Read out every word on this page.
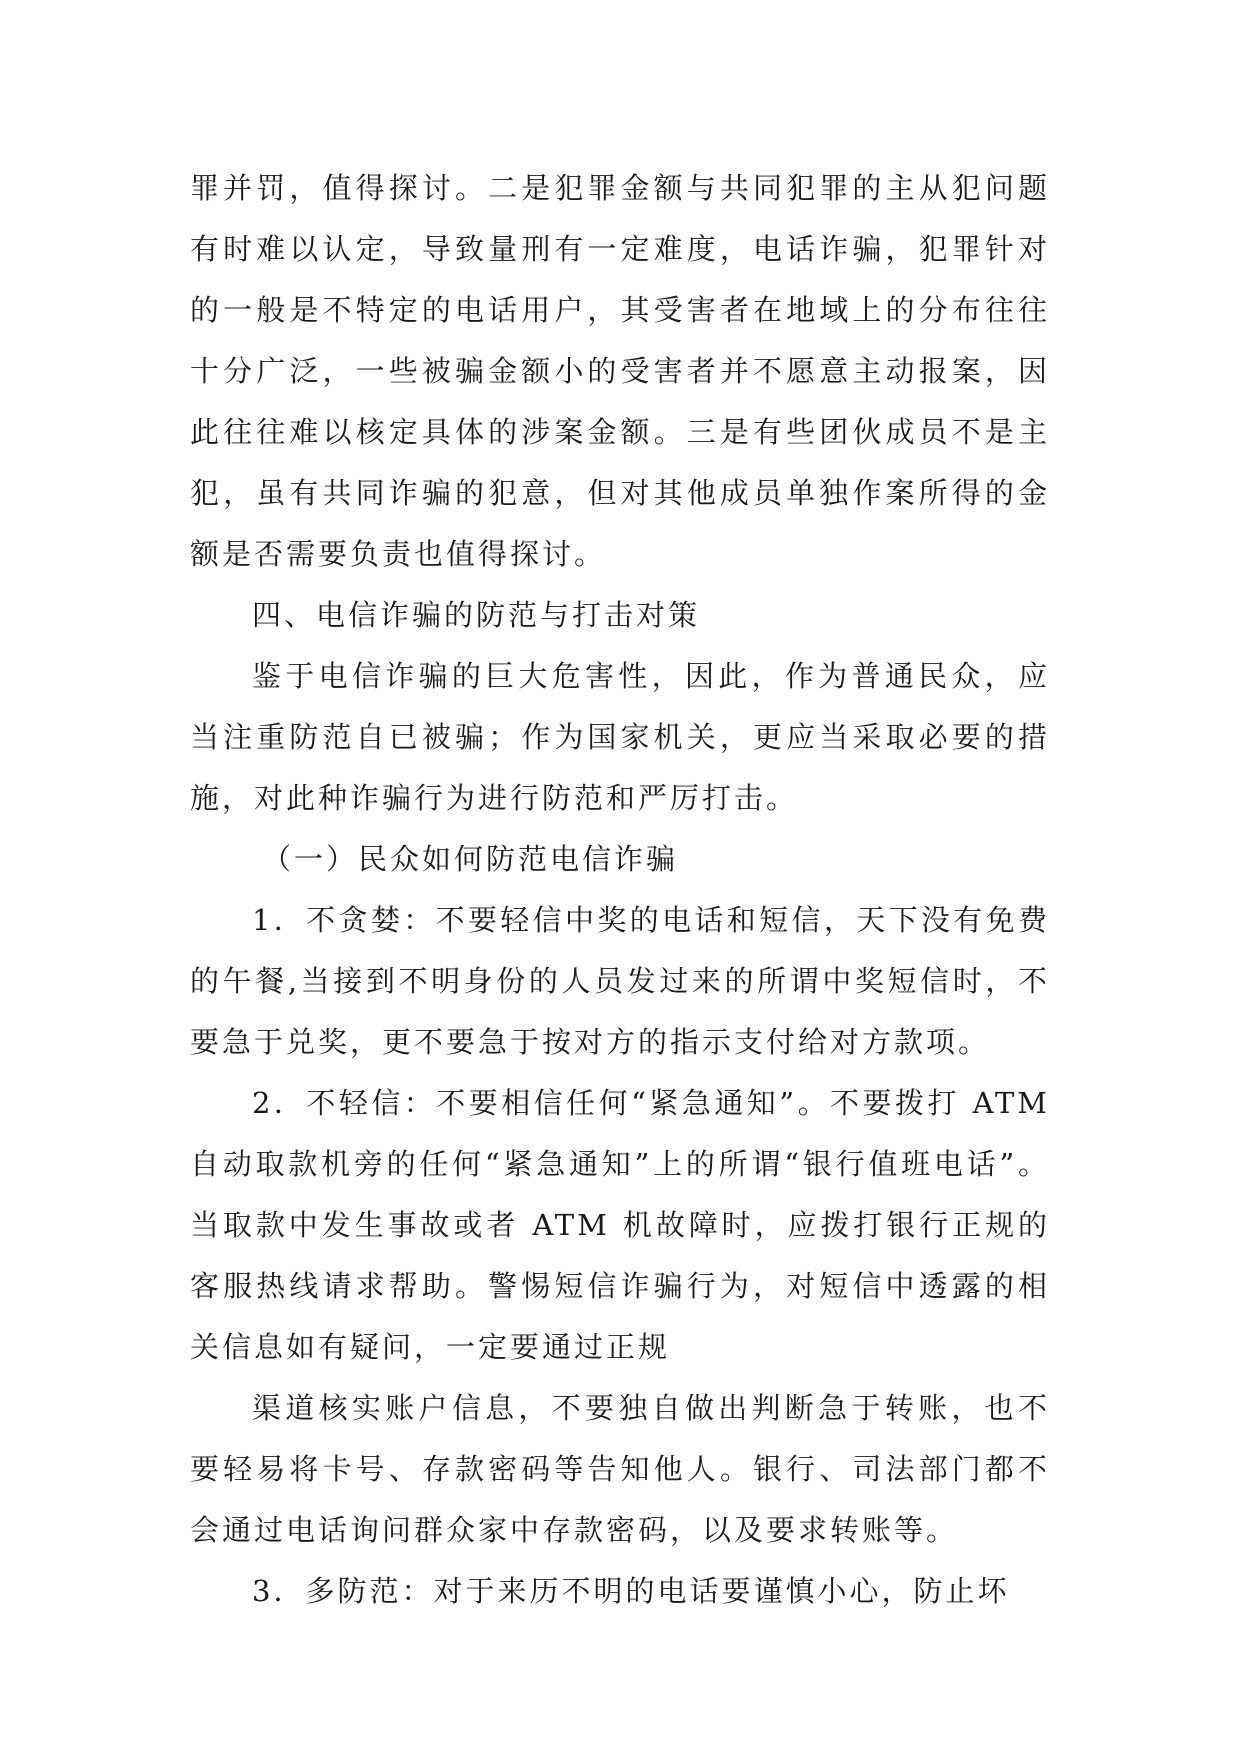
罪并罚，值得探讨。二是犯罪金额与共同犯罪的主从犯问题有时难以认定，导致量刑有一定难度，电话诈骗，犯罪针对的一般是不特定的电话用户，其受害者在地域上的分布往往十分广泛，一些被骗金额小的受害者并不愿意主动报案，因此往往难以核定具体的涉案金额。三是有些团伙成员不是主犯，虽有共同诈骗的犯意，但对其他成员单独作案所得的金额是否需要负责也值得探讨。

四、电信诈骗的防范与打击对策

鉴于电信诈骗的巨大危害性，因此，作为普通民众，应当注重防范自已被骗；作为国家机关，更应当采取必要的措施，对此种诈骗行为进行防范和严厉打击。

（一）民众如何防范电信诈骗

1．不贪婪：不要轻信中奖的电话和短信，天下没有免费的午餐,当接到不明身份的人员发过来的所谓中奖短信时，不要急于兑奖，更不要急于按对方的指示支付给对方款项。

2．不轻信：不要相信任何“紧急通知”。不要拨打 ATM 自动取款机旁的任何“紧急通知”上的所谓“银行值班电话”。当取款中发生事故或者 ATM 机故障时，应拨打银行正规的客服热线请求帮助。警惕短信诈骗行为，对短信中透露的相关信息如有疑问，一定要通过正规

渠道核实账户信息，不要独自做出判断急于转账，也不要轻易将卡号、存款密码等告知他人。银行、司法部门都不会通过电话询问群众家中存款密码，以及要求转账等。

3．多防范：对于来历不明的电话要谨慎小心，防止坏
